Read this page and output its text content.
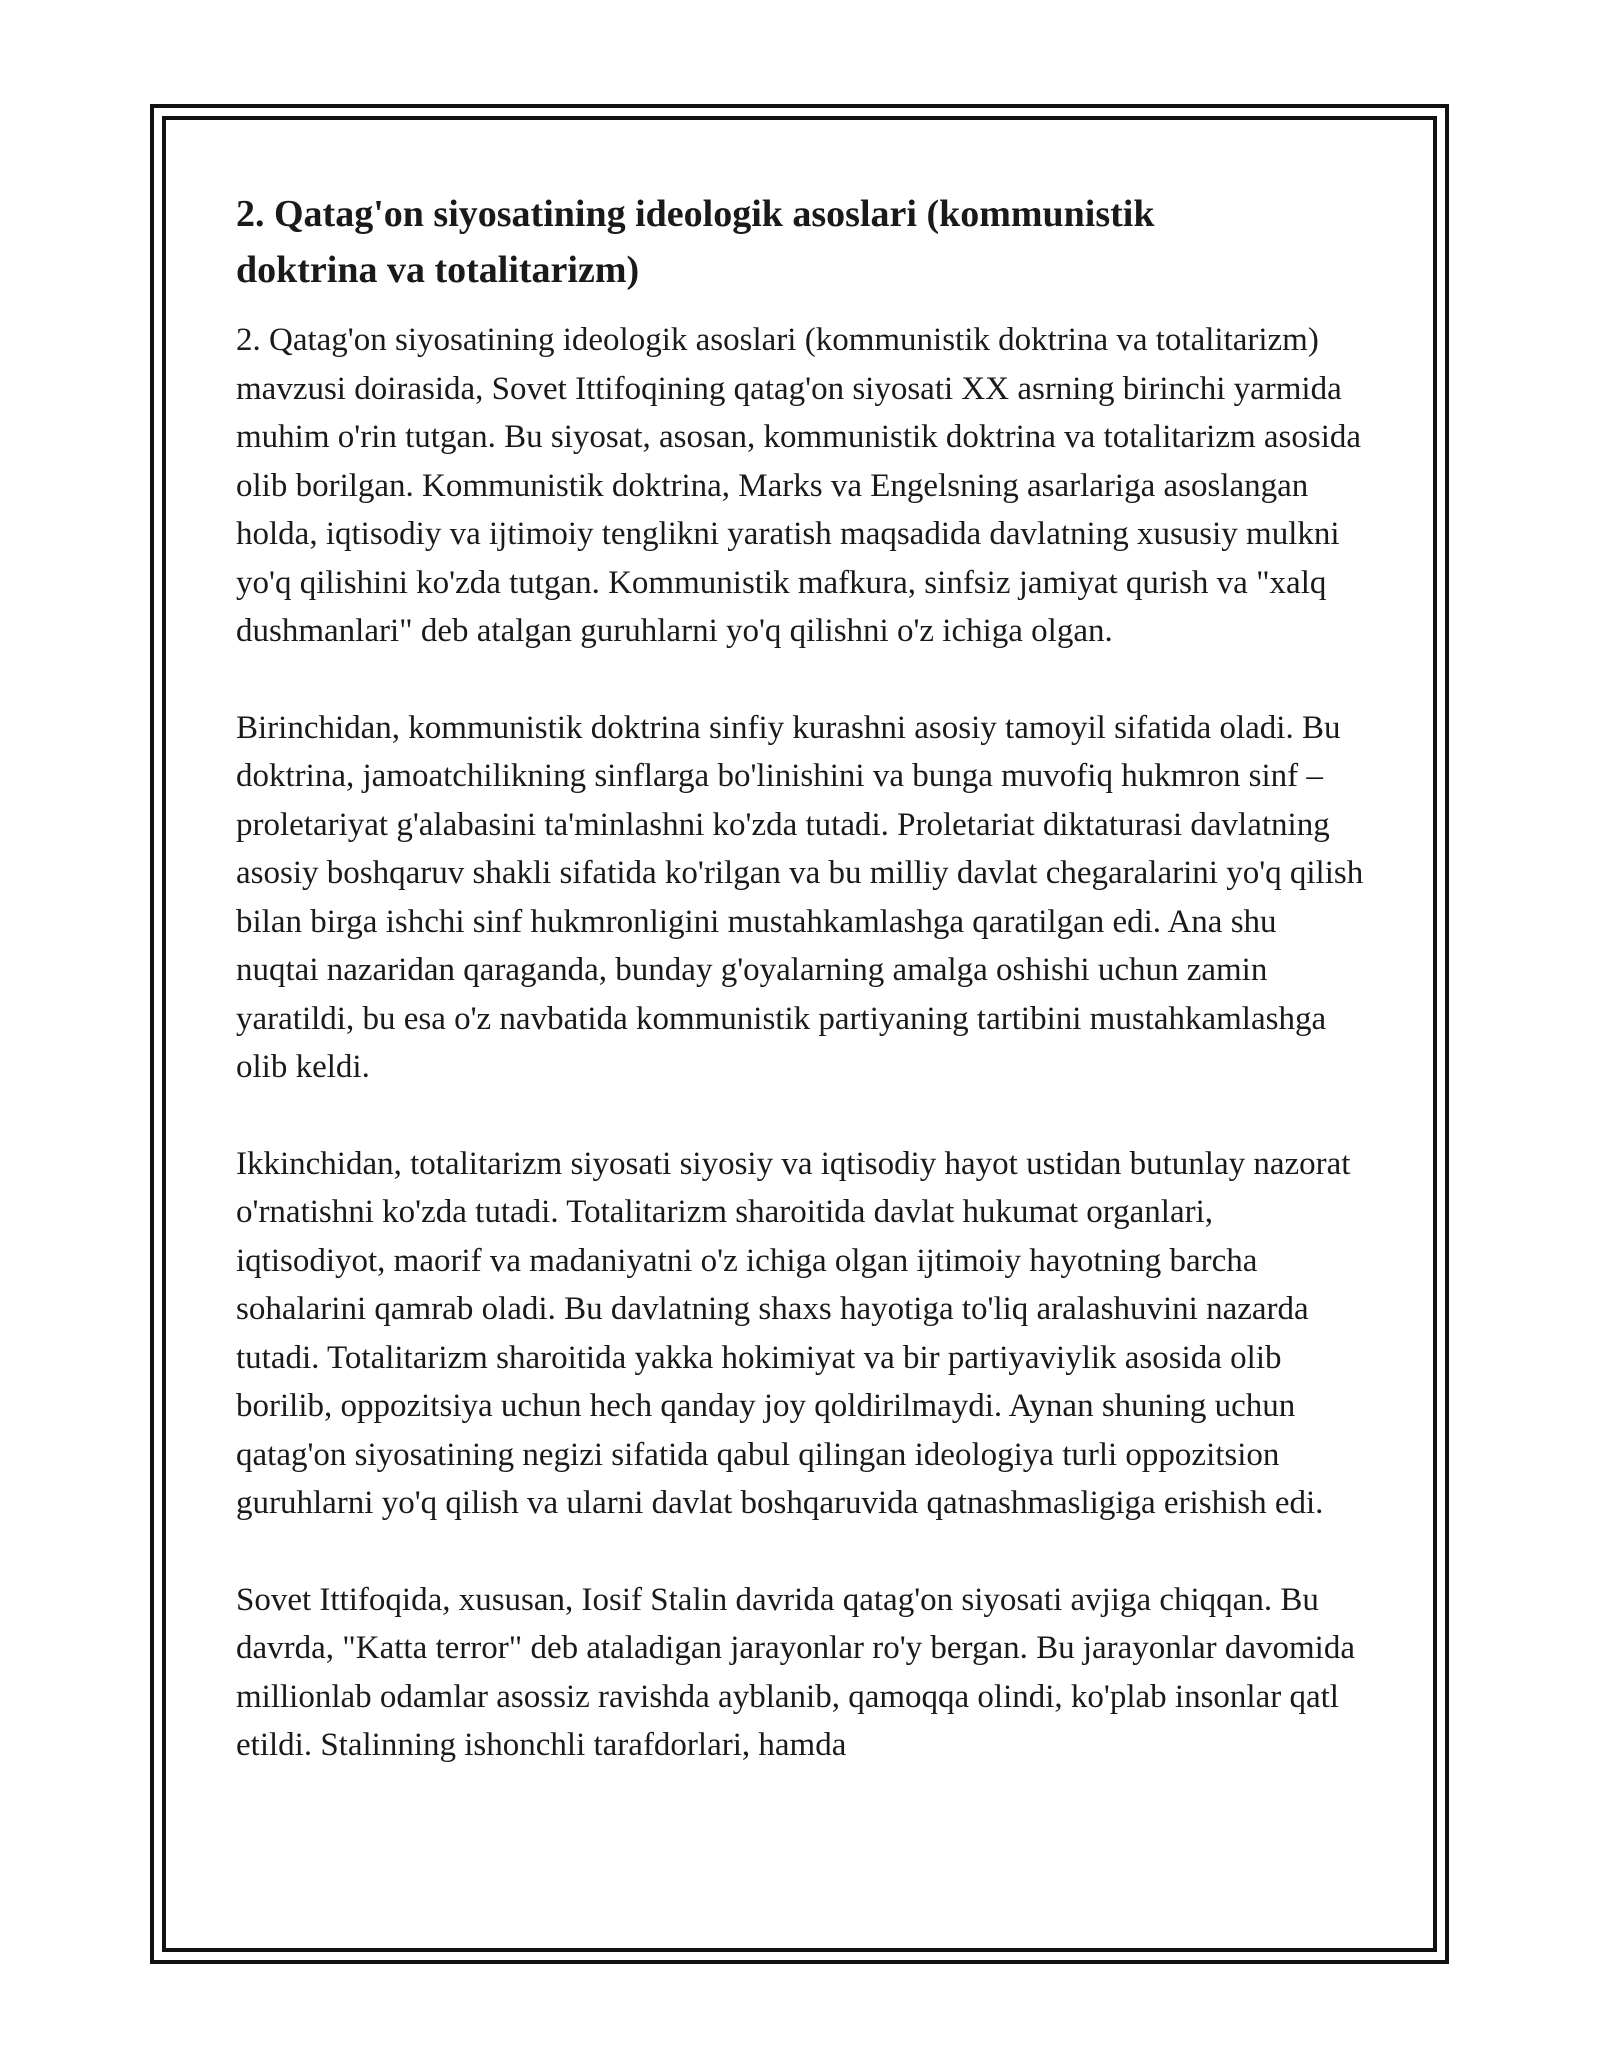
2. Qatag'on siyosatining ideologik asoslari (kommunistik doktrina va totalitarizm)

2. Qatag'on siyosatining ideologik asoslari (kommunistik doktrina va totalitarizm) mavzusi doirasida, Sovet Ittifoqining qatag'on siyosati XX asrning birinchi yarmida muhim o'rin tutgan. Bu siyosat, asosan, kommunistik doktrina va totalitarizm asosida olib borilgan. Kommunistik doktrina, Marks va Engelsning asarlariga asoslangan holda, iqtisodiy va ijtimoiy tenglikni yaratish maqsadida davlatning xususiy mulkni yo'q qilishini ko'zda tutgan. Kommunistik mafkura, sinfsiz jamiyat qurish va "xalq dushmanlari" deb atalgan guruhlarni yo'q qilishni o'z ichiga olgan.

Birinchidan, kommunistik doktrina sinfiy kurashni asosiy tamoyil sifatida oladi. Bu doktrina, jamoatchilikning sinflarga bo'linishini va bunga muvofiq hukmron sinf – proletariyat g'alabasini ta'minlashni ko'zda tutadi. Proletariat diktaturasi davlatning asosiy boshqaruv shakli sifatida ko'rilgan va bu milliy davlat chegaralarini yo'q qilish bilan birga ishchi sinf hukmronligini mustahkamlashga qaratilgan edi. Ana shu nuqtai nazaridan qaraganda, bunday g'oyalarning amalga oshishi uchun zamin yaratildi, bu esa o'z navbatida kommunistik partiyaning tartibini mustahkamlashga olib keldi.

Ikkinchidan, totalitarizm siyosati siyosiy va iqtisodiy hayot ustidan butunlay nazorat o'rnatishni ko'zda tutadi. Totalitarizm sharoitida davlat hukumat organlari, iqtisodiyot, maorif va madaniyatni o'z ichiga olgan ijtimoiy hayotning barcha sohalarini qamrab oladi. Bu davlatning shaxs hayotiga to'liq aralashuvini nazarda tutadi. Totalitarizm sharoitida yakka hokimiyat va bir partiyaviylik asosida olib borilib, oppozitsiya uchun hech qanday joy qoldirilmaydi. Aynan shuning uchun qatag'on siyosatining negizi sifatida qabul qilingan ideologiya turli oppozitsion guruhlarni yo'q qilish va ularni davlat boshqaruvida qatnashmasligiga erishish edi.

Sovet Ittifoqida, xususan, Iosif Stalin davrida qatag'on siyosati avjiga chiqqan. Bu davrda, "Katta terror" deb ataladigan jarayonlar ro'y bergan. Bu jarayonlar davomida millionlab odamlar asossiz ravishda ayblanib, qamoqqa olindi, ko'plab insonlar qatl etildi. Stalinning ishonchli tarafdorlari, hamda
